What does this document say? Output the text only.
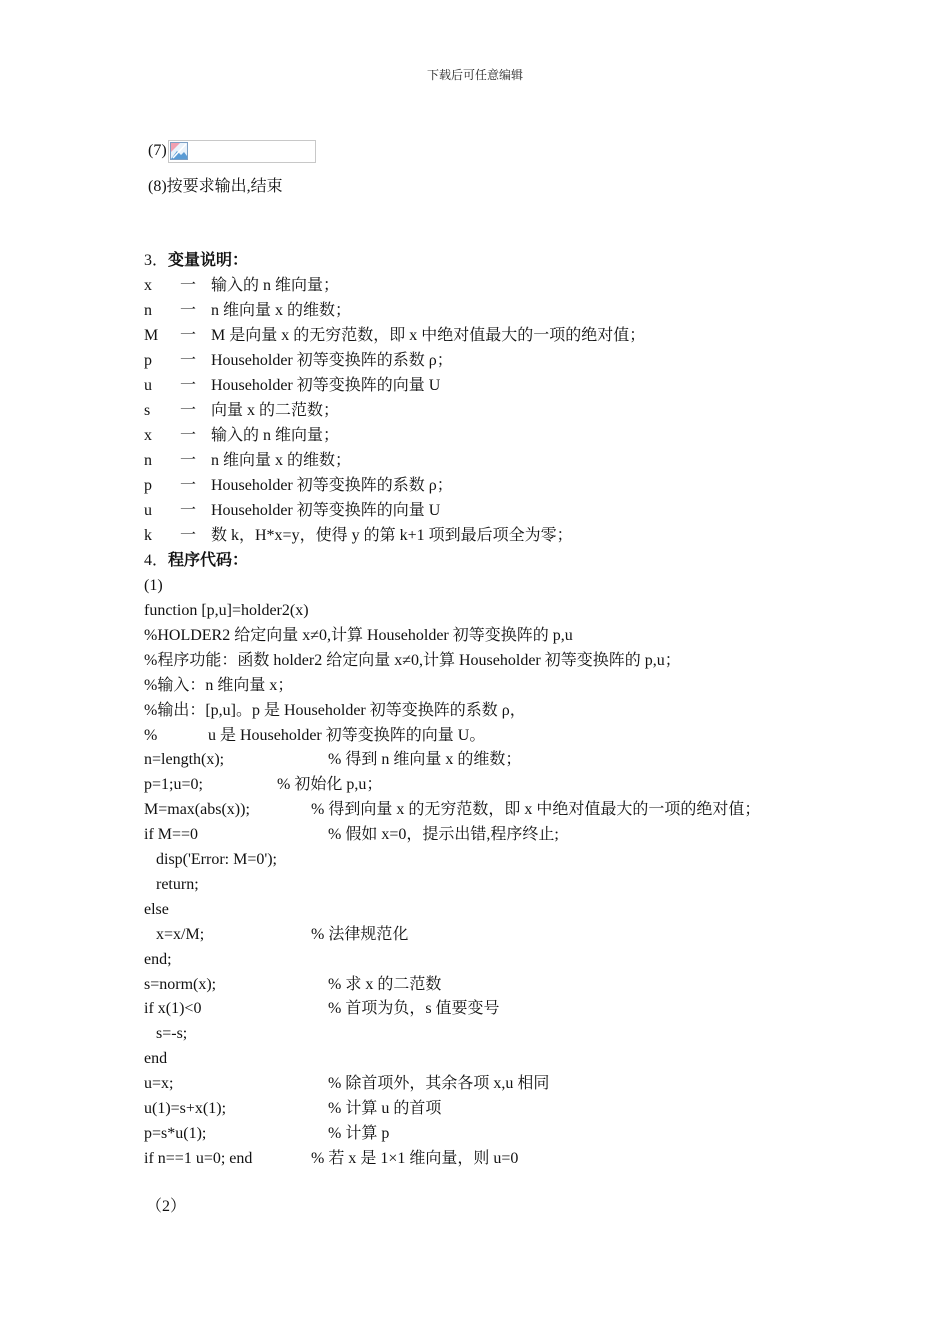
下载后可任意编辑
(7)
(8)按要求输出,结束
3．变量说明：
x 一 输入的 n 维向量；
n 一 n 维向量 x 的维数；
M 一 M 是向量 x 的无穷范数，即 x 中绝对值最大的一项的绝对值；
p 一 Householder 初等变换阵的系数 ρ；
u 一 Householder 初等变换阵的向量 U
s 一 向量 x 的二范数；
x 一 输入的 n 维向量；
n 一 n 维向量 x 的维数；
p 一 Householder 初等变换阵的系数 ρ；
u 一 Householder 初等变换阵的向量 U
k 一 数 k，H*x=y，使得 y 的第 k+1 项到最后项全为零；
4．程序代码：
(1)
function [p,u]=holder2(x)
%HOLDER2 给定向量 x≠0,计算 Householder 初等变换阵的 p,u
%程序功能：函数 holder2 给定向量 x≠0,计算 Householder 初等变换阵的 p,u；
%输入：n 维向量 x；
%输出：[p,u]。p 是 Householder 初等变换阵的系数 ρ，
%	u 是 Householder 初等变换阵的向量 U。
n=length(x);	% 得到 n 维向量 x 的维数；
p=1;u=0;	% 初始化 p,u；
M=max(abs(x));	% 得到向量 x 的无穷范数，即 x 中绝对值最大的一项的绝对值；
if M==0	% 假如 x=0，提示出错,程序终止;
disp('Error: M=0');
return;
else
x=x/M;	% 法律规范化
end;
s=norm(x);	% 求 x 的二范数
if x(1)<0	% 首项为负，s 值要变号
s=-s;
end
u=x;	% 除首项外，其余各项 x,u 相同
u(1)=s+x(1);	% 计算 u 的首项
p=s*u(1);	% 计算 p
if n==1 u=0; end	% 若 x 是 1×1 维向量，则 u=0
（2）
